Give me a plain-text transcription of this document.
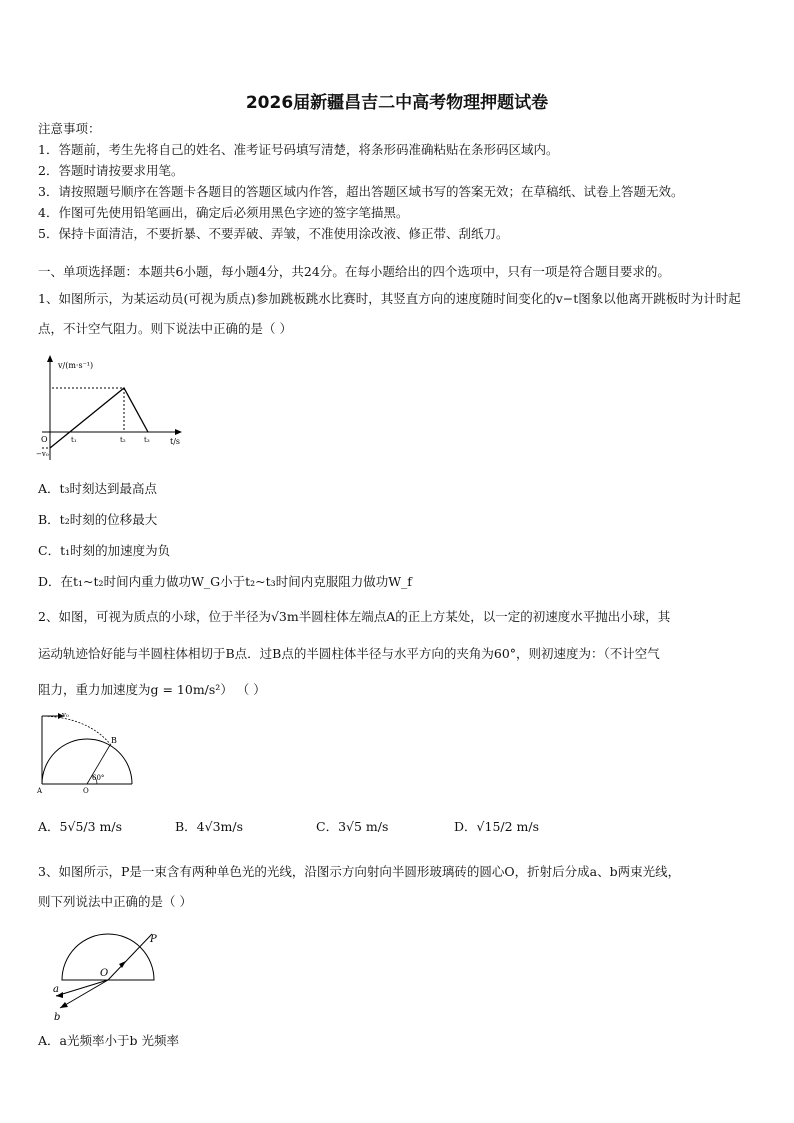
2026届新疆昌吉二中高考物理押题试卷
注意事项：
1．答题前，考生先将自己的姓名、准考证号码填写清楚，将条形码准确粘贴在条形码区域内。
2．答题时请按要求用笔。
3．请按照题号顺序在答题卡各题目的答题区域内作答，超出答题区域书写的答案无效；在草稿纸、试卷上答题无效。
4．作图可先使用铅笔画出，确定后必须用黑色字迹的签字笔描黑。
5．保持卡面清洁，不要折暴、不要弄破、弄皱，不准使用涂改液、修正带、刮纸刀。
一、单项选择题：本题共6小题，每小题4分，共24分。在每小题给出的四个选项中，只有一项是符合题目要求的。
1、如图所示，为某运动员(可视为质点)参加跳板跳水比赛时，其竖直方向的速度随时间变化的v−t图象以他离开跳板时为计时起点，不计空气阻力。则下说法中正确的是（ ）
v/(m·s⁻¹)
t/s
O
−v₀
t₁	t₂	t₃
A．t₃时刻达到最高点
B．t₂时刻的位移最大
C．t₁时刻的加速度为负
D．在t₁~t₂时间内重力做功W_G小于t₂~t₃时间内克服阻力做功W_f
2、如图，可视为质点的小球，位于半径为√3m半圆柱体左端点A的正上方某处，以一定的初速度水平抛出小球，其
运动轨迹恰好能与半圆柱体相切于B点．过B点的半圆柱体半径与水平方向的夹角为60°，则初速度为：（不计空气
阻力，重力加速度为g = 10m/s²） （ ）
v₀
B
A	O
60°
A．5√5/3 m/s	B．4√3m/s	C．3√5 m/s	D．√15/2 m/s
3、如图所示，P是一束含有两种单色光的光线，沿图示方向射向半圆形玻璃砖的圆心O，折射后分成a、b两束光线，
则下列说法中正确的是（ ）
P
O
a
b
A．a光频率小于b 光频率
